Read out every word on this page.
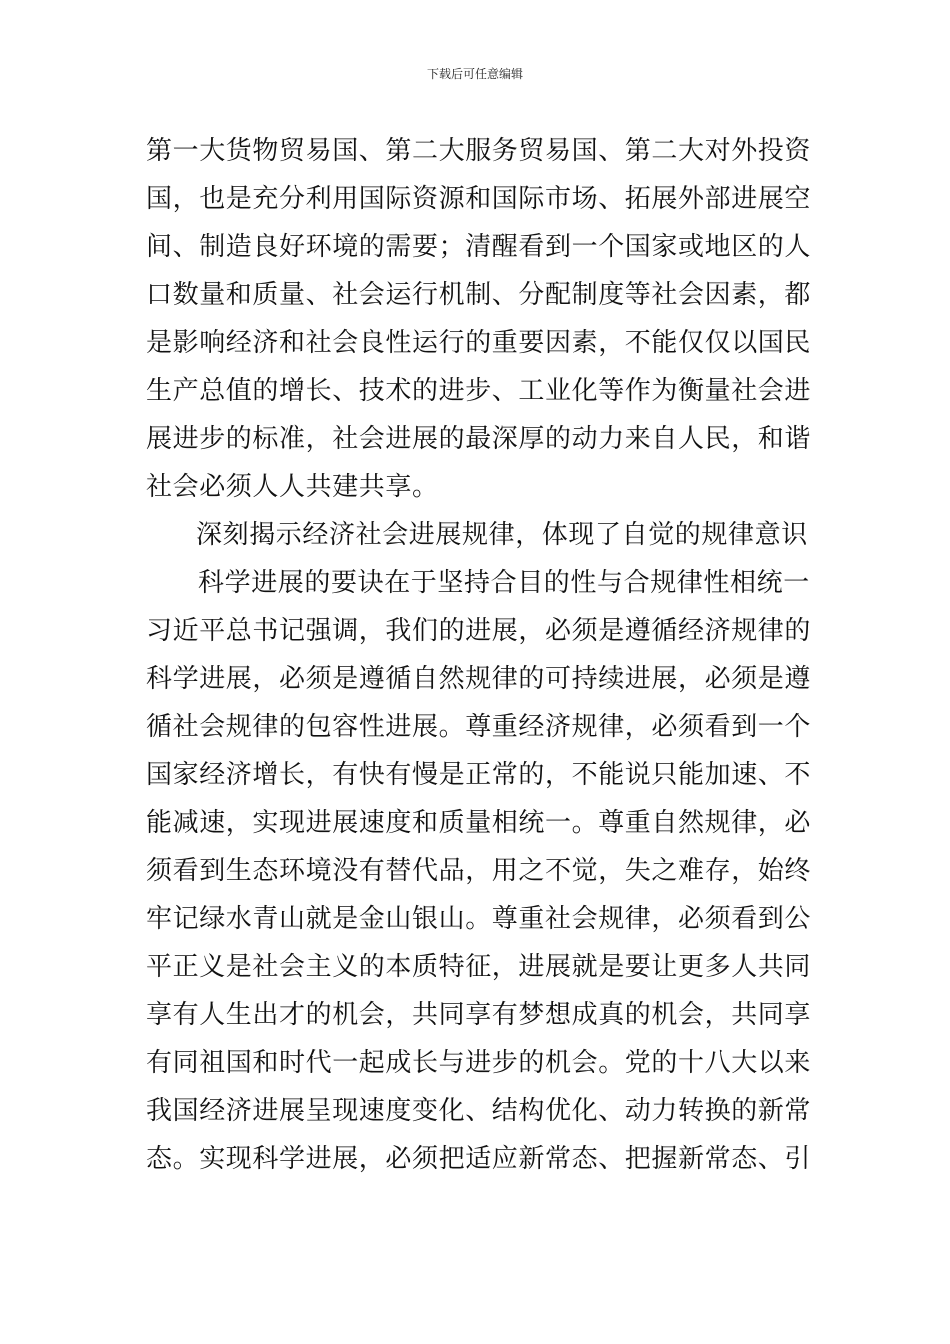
下载后可任意编辑
第一大货物贸易国、第二大服务贸易国、第二大对外投资
国，也是充分利用国际资源和国际市场、拓展外部进展空
间、制造良好环境的需要；清醒看到一个国家或地区的人
口数量和质量、社会运行机制、分配制度等社会因素，都
是影响经济和社会良性运行的重要因素，不能仅仅以国民
生产总值的增长、技术的进步、工业化等作为衡量社会进
展进步的标准，社会进展的最深厚的动力来自人民，和谐
社会必须人人共建共享。
深刻揭示经济社会进展规律，体现了自觉的规律意识
科学进展的要诀在于坚持合目的性与合规律性相统一
习近平总书记强调，我们的进展，必须是遵循经济规律的
科学进展，必须是遵循自然规律的可持续进展，必须是遵
循社会规律的包容性进展。尊重经济规律，必须看到一个
国家经济增长，有快有慢是正常的，不能说只能加速、不
能减速，实现进展速度和质量相统一。尊重自然规律，必
须看到生态环境没有替代品，用之不觉，失之难存，始终
牢记绿水青山就是金山银山。尊重社会规律，必须看到公
平正义是社会主义的本质特征，进展就是要让更多人共同
享有人生出才的机会，共同享有梦想成真的机会，共同享
有同祖国和时代一起成长与进步的机会。党的十八大以来
我国经济进展呈现速度变化、结构优化、动力转换的新常
态。实现科学进展，必须把适应新常态、把握新常态、引
